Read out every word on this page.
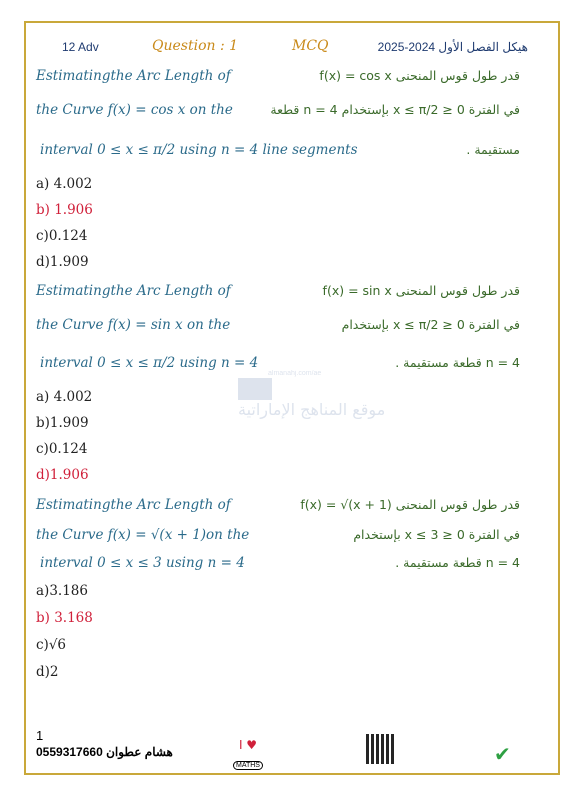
12 Adv	Question : 1	MCQ	هيكل الفصل الأول 2024-2025
Estimatingthe Arc Length of
the Curve f(x) = cos x on the
interval 0 ≤ x ≤ π/2 using n = 4 line segments
قدر طول قوس المنحنى f(x) = cos x
في الفترة 0 ≤ x ≤ π/2 بإستخدام n = 4 قطعة
مستقيمة .
a) 4.002
b) 1.906
c)0.124
d)1.909
Estimatingthe Arc Length of
the Curve f(x) = sin x on the
interval 0 ≤ x ≤ π/2 using n = 4
قدر طول قوس المنحنى f(x) = sin x
في الفترة 0 ≤ x ≤ π/2 بإستخدام
n = 4 قطعة مستقيمة .
a) 4.002
b)1.909
c)0.124
d)1.906
Estimatingthe Arc Length of
the Curve f(x) = √(x + 1)on the
interval 0 ≤ x ≤ 3 using n = 4
قدر طول قوس المنحنى f(x) = √(x + 1)
في الفترة 0 ≤ x ≤ 3 بإستخدام
n = 4 قطعة مستقيمة .
a)3.186
b) 3.168
c)√6
d)2
almanahj.com/ae
موقع المناهج الإماراتية
1
هشام عطوان 0559317660	I ♥
MATHS	✔
